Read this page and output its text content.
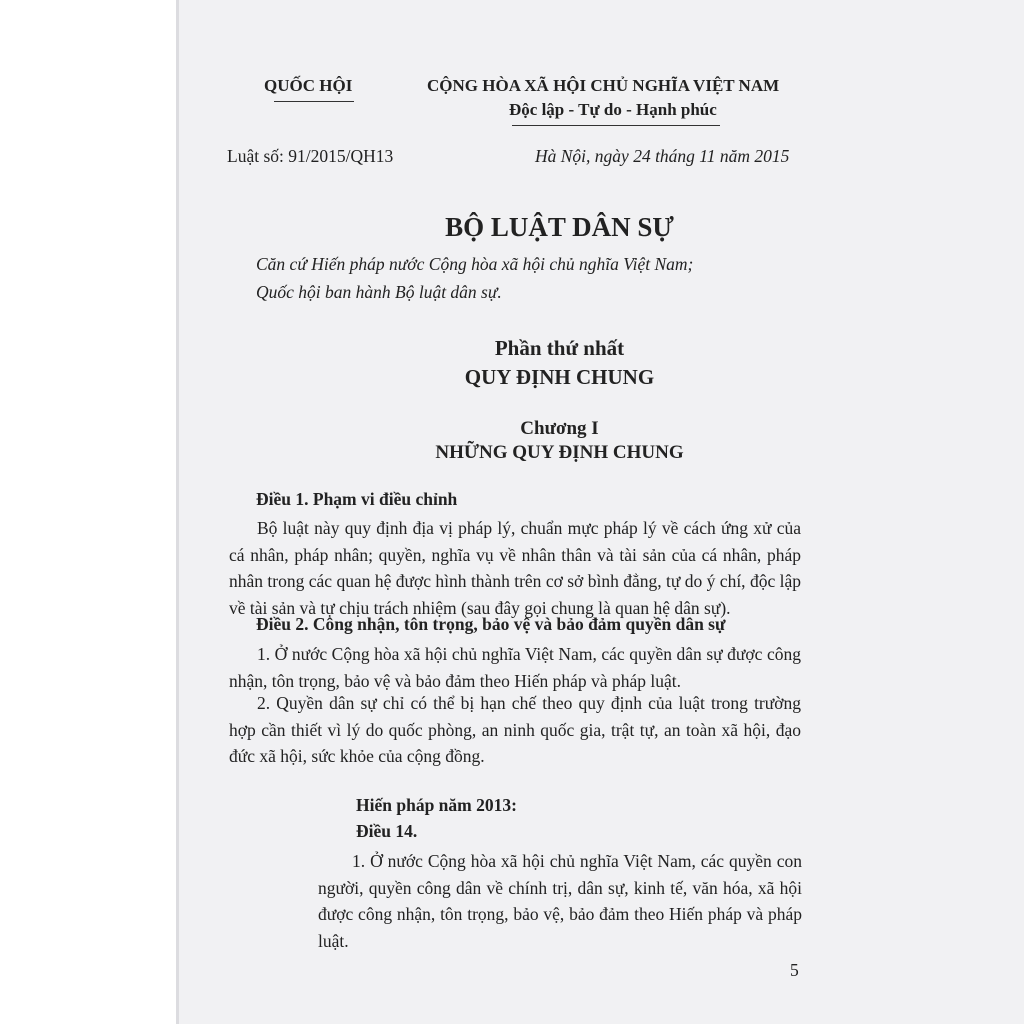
QUỐC HỘI	CỘNG HÒA XÃ HỘI CHỦ NGHĨA VIỆT NAM
Độc lập - Tự do - Hạnh phúc
Luật số: 91/2015/QH13	Hà Nội, ngày 24 tháng 11 năm 2015
BỘ LUẬT DÂN SỰ
Căn cứ Hiến pháp nước Cộng hòa xã hội chủ nghĩa Việt Nam;
Quốc hội ban hành Bộ luật dân sự.
Phần thứ nhất
QUY ĐỊNH CHUNG
Chương I
NHỮNG QUY ĐỊNH CHUNG
Điều 1. Phạm vi điều chỉnh

Bộ luật này quy định địa vị pháp lý, chuẩn mực pháp lý về cách ứng xử của cá nhân, pháp nhân; quyền, nghĩa vụ về nhân thân và tài sản của cá nhân, pháp nhân trong các quan hệ được hình thành trên cơ sở bình đẳng, tự do ý chí, độc lập về tài sản và tự chịu trách nhiệm (sau đây gọi chung là quan hệ dân sự).

Điều 2. Công nhận, tôn trọng, bảo vệ và bảo đảm quyền dân sự

1. Ở nước Cộng hòa xã hội chủ nghĩa Việt Nam, các quyền dân sự được công nhận, tôn trọng, bảo vệ và bảo đảm theo Hiến pháp và pháp luật.

2. Quyền dân sự chỉ có thể bị hạn chế theo quy định của luật trong trường hợp cần thiết vì lý do quốc phòng, an ninh quốc gia, trật tự, an toàn xã hội, đạo đức xã hội, sức khỏe của cộng đồng.

Hiến pháp năm 2013:
Điều 14.
1. Ở nước Cộng hòa xã hội chủ nghĩa Việt Nam, các quyền con người, quyền công dân về chính trị, dân sự, kinh tế, văn hóa, xã hội được công nhận, tôn trọng, bảo vệ, bảo đảm theo Hiến pháp và pháp luật.
5
